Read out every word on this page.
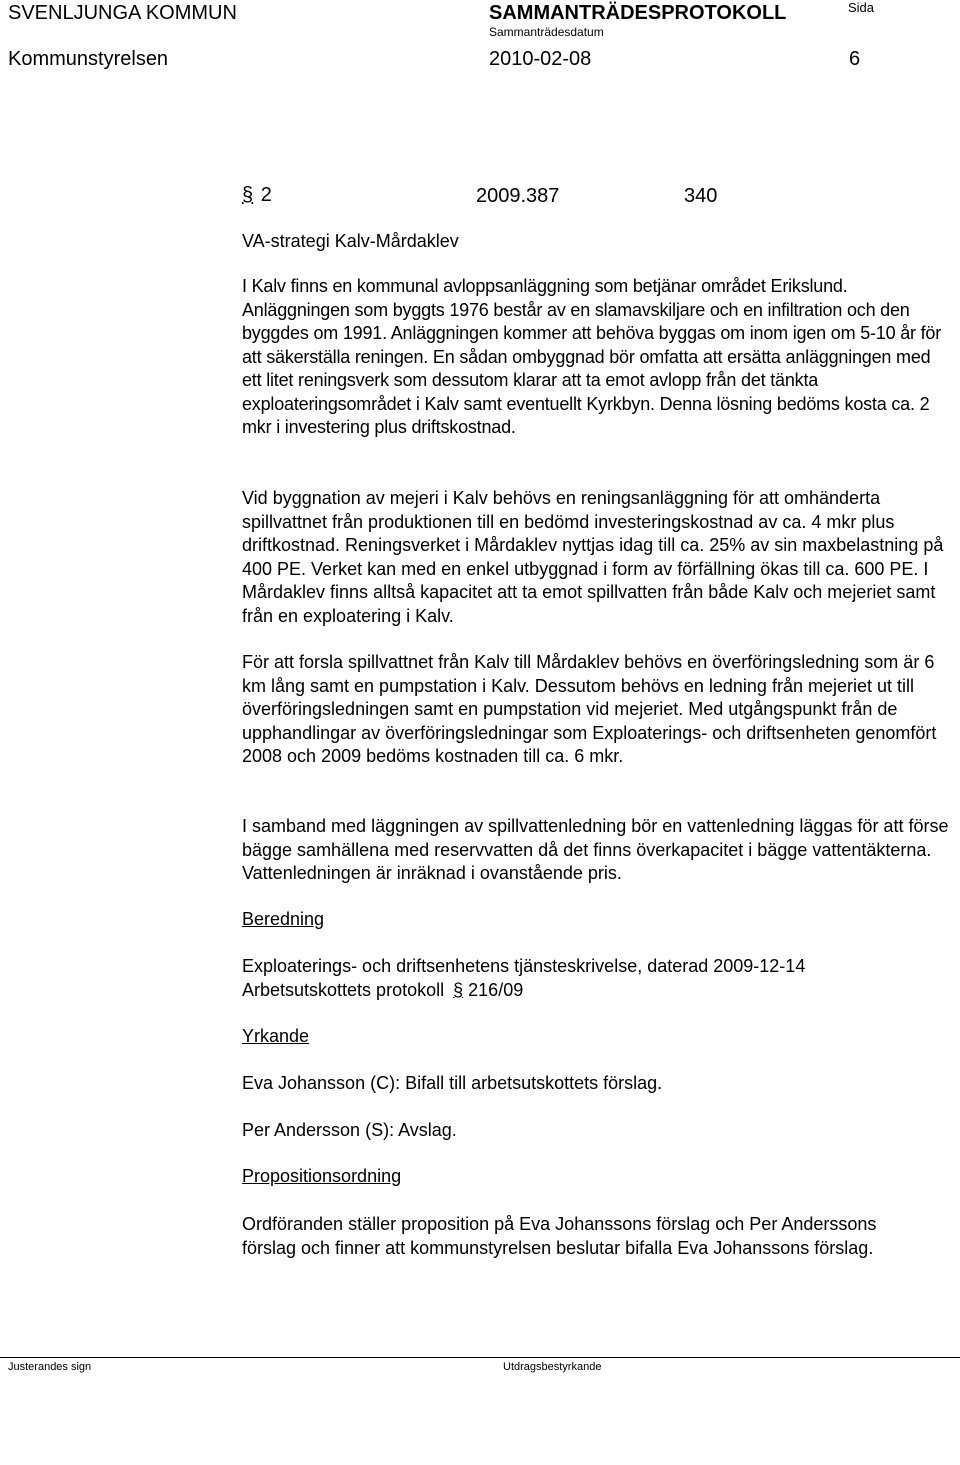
SVENLJUNGA KOMMUN	SAMMANTRÄDESPROTOKOLL
Sammanträdesdatum
Sida
Kommunstyrelsen	2010-02-08	6
§ 2	2009.387	340
VA-strategi Kalv-Mårdaklev

I Kalv finns en kommunal avloppsanläggning som betjänar området Erikslund. Anläggningen som byggts 1976 består av en slamavskiljare och en infiltration och den byggdes om 1991. Anläggningen kommer att behöva byggas om inom igen om 5-10 år för att säkerställa reningen. En sådan ombyggnad bör omfatta att ersätta anläggningen med ett litet reningsverk som dessutom klarar att ta emot avlopp från det tänkta exploateringsområdet i Kalv samt eventuellt Kyrkbyn. Denna lösning bedöms kosta ca. 2 mkr i investering plus driftskostnad.

Vid byggnation av mejeri i Kalv behövs en reningsanläggning för att omhänderta spillvattnet från produktionen till en bedömd investeringskostnad av ca. 4 mkr plus driftkostnad. Reningsverket i Mårdaklev nyttjas idag till ca. 25% av sin maxbelastning på 400 PE. Verket kan med en enkel utbyggnad i form av förfällning ökas till ca. 600 PE. I Mårdaklev finns alltså kapacitet att ta emot spillvatten från både Kalv och mejeriet samt från en exploatering i Kalv.

För att forsla spillvattnet från Kalv till Mårdaklev behövs en överföringsledning som är 6 km lång samt en pumpstation i Kalv. Dessutom behövs en ledning från mejeriet ut till överföringsledningen samt en pumpstation vid mejeriet. Med utgångspunkt från de upphandlingar av överföringsledningar som Exploaterings- och driftsenheten genomfört 2008 och 2009 bedöms kostnaden till ca. 6 mkr.

I samband med läggningen av spillvattenledning bör en vattenledning läggas för att förse bägge samhällena med reservvatten då det finns överkapacitet i bägge vattentäkterna. Vattenledningen är inräknad i ovanstående pris.

Beredning
Exploaterings- och driftsenhetens tjänsteskrivelse, daterad 2009-12-14
Arbetsutskottets protokoll § 216/09
Yrkande
Eva Johansson (C): Bifall till arbetsutskottets förslag.
Per Andersson (S): Avslag.
Propositionsordning

Ordföranden ställer proposition på Eva Johanssons förslag och Per Anderssons förslag och finner att kommunstyrelsen beslutar bifalla Eva Johanssons förslag.

Justerandes sign	Utdragsbestyrkande
